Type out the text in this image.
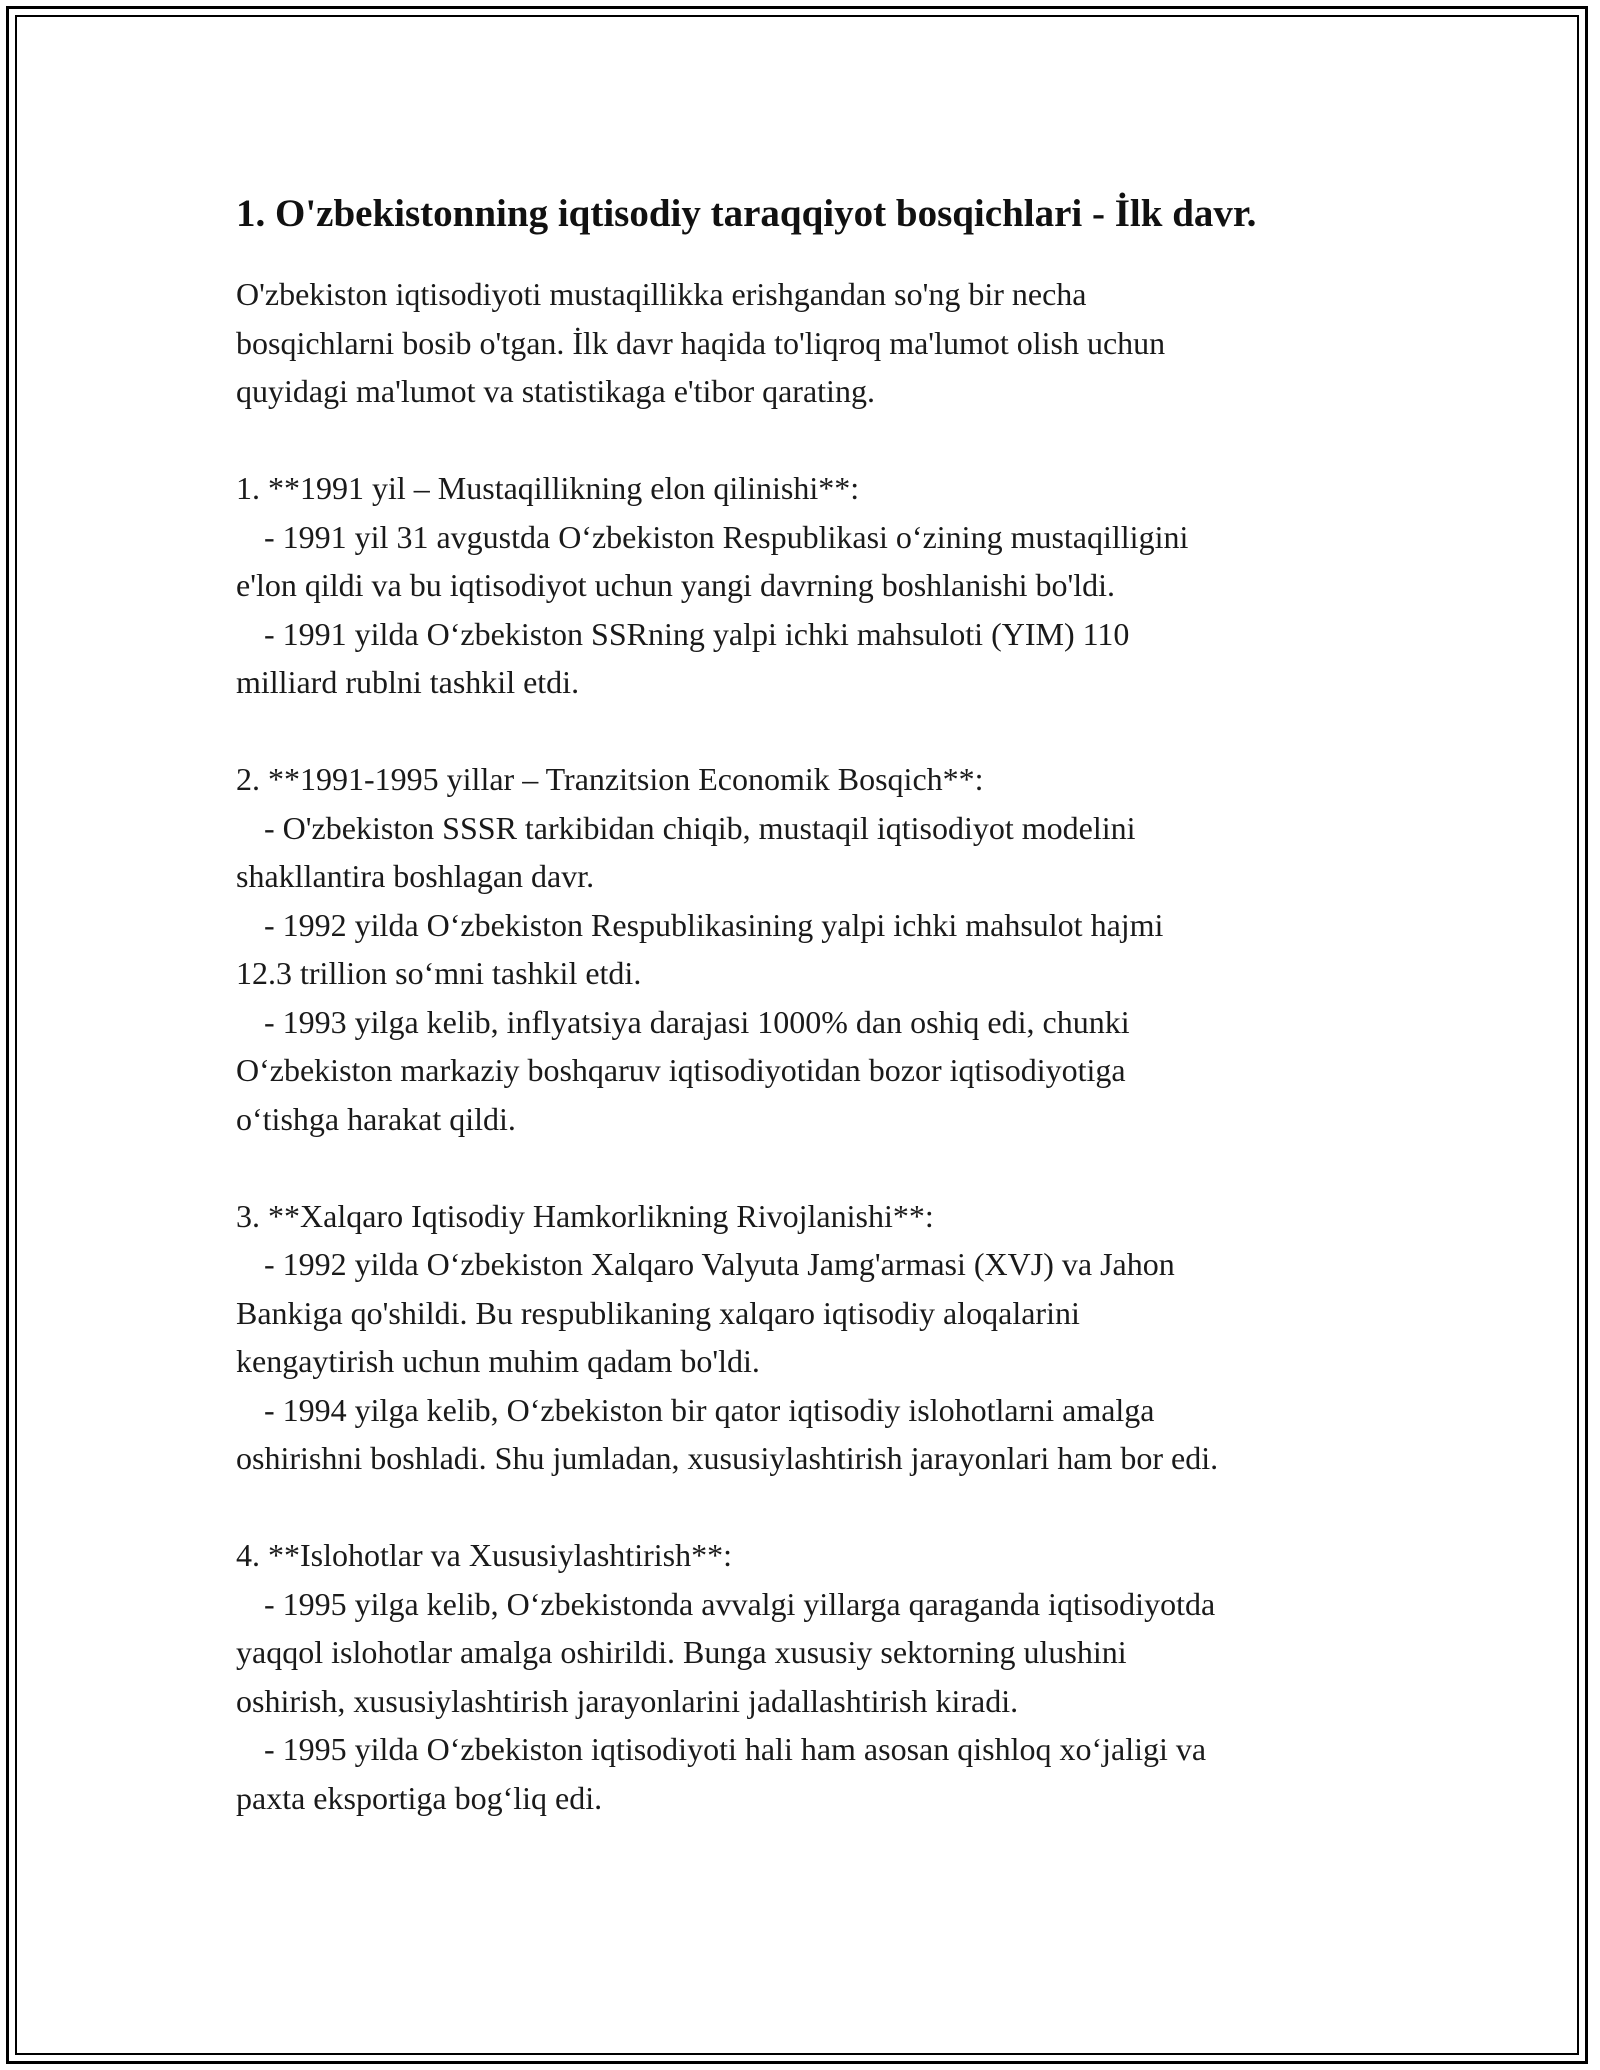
1. O'zbekistonning iqtisodiy taraqqiyot bosqichlari - İlk davr.

O'zbekiston iqtisodiyoti mustaqillikka erishgandan so'ng bir necha

bosqichlarni bosib o'tgan. İlk davr haqida to'liqroq ma'lumot olish uchun

quyidagi ma'lumot va statistikaga e'tibor qarating.

1. **1991 yil – Mustaqillikning elon qilinishi**:

- 1991 yil 31 avgustda O‘zbekiston Respublikasi o‘zining mustaqilligini

e'lon qildi va bu iqtisodiyot uchun yangi davrning boshlanishi bo'ldi.

- 1991 yilda O‘zbekiston SSRning yalpi ichki mahsuloti (YIM) 110

milliard rublni tashkil etdi.

2. **1991-1995 yillar – Tranzitsion Economik Bosqich**:

- O'zbekiston SSSR tarkibidan chiqib, mustaqil iqtisodiyot modelini

shakllantira boshlagan davr.

- 1992 yilda O‘zbekiston Respublikasining yalpi ichki mahsulot hajmi

12.3 trillion so‘mni tashkil etdi.

- 1993 yilga kelib, inflyatsiya darajasi 1000% dan oshiq edi, chunki

O‘zbekiston markaziy boshqaruv iqtisodiyotidan bozor iqtisodiyotiga

o‘tishga harakat qildi.

3. **Xalqaro Iqtisodiy Hamkorlikning Rivojlanishi**:

- 1992 yilda O‘zbekiston Xalqaro Valyuta Jamg'armasi (XVJ) va Jahon

Bankiga qo'shildi. Bu respublikaning xalqaro iqtisodiy aloqalarini

kengaytirish uchun muhim qadam bo'ldi.

- 1994 yilga kelib, O‘zbekiston bir qator iqtisodiy islohotlarni amalga

oshirishni boshladi. Shu jumladan, xususiylashtirish jarayonlari ham bor edi.

4. **Islohotlar va Xususiylashtirish**:

- 1995 yilga kelib, O‘zbekistonda avvalgi yillarga qaraganda iqtisodiyotda

yaqqol islohotlar amalga oshirildi. Bunga xususiy sektorning ulushini

oshirish, xususiylashtirish jarayonlarini jadallashtirish kiradi.

- 1995 yilda O‘zbekiston iqtisodiyoti hali ham asosan qishloq xo‘jaligi va

paxta eksportiga bog‘liq edi.
